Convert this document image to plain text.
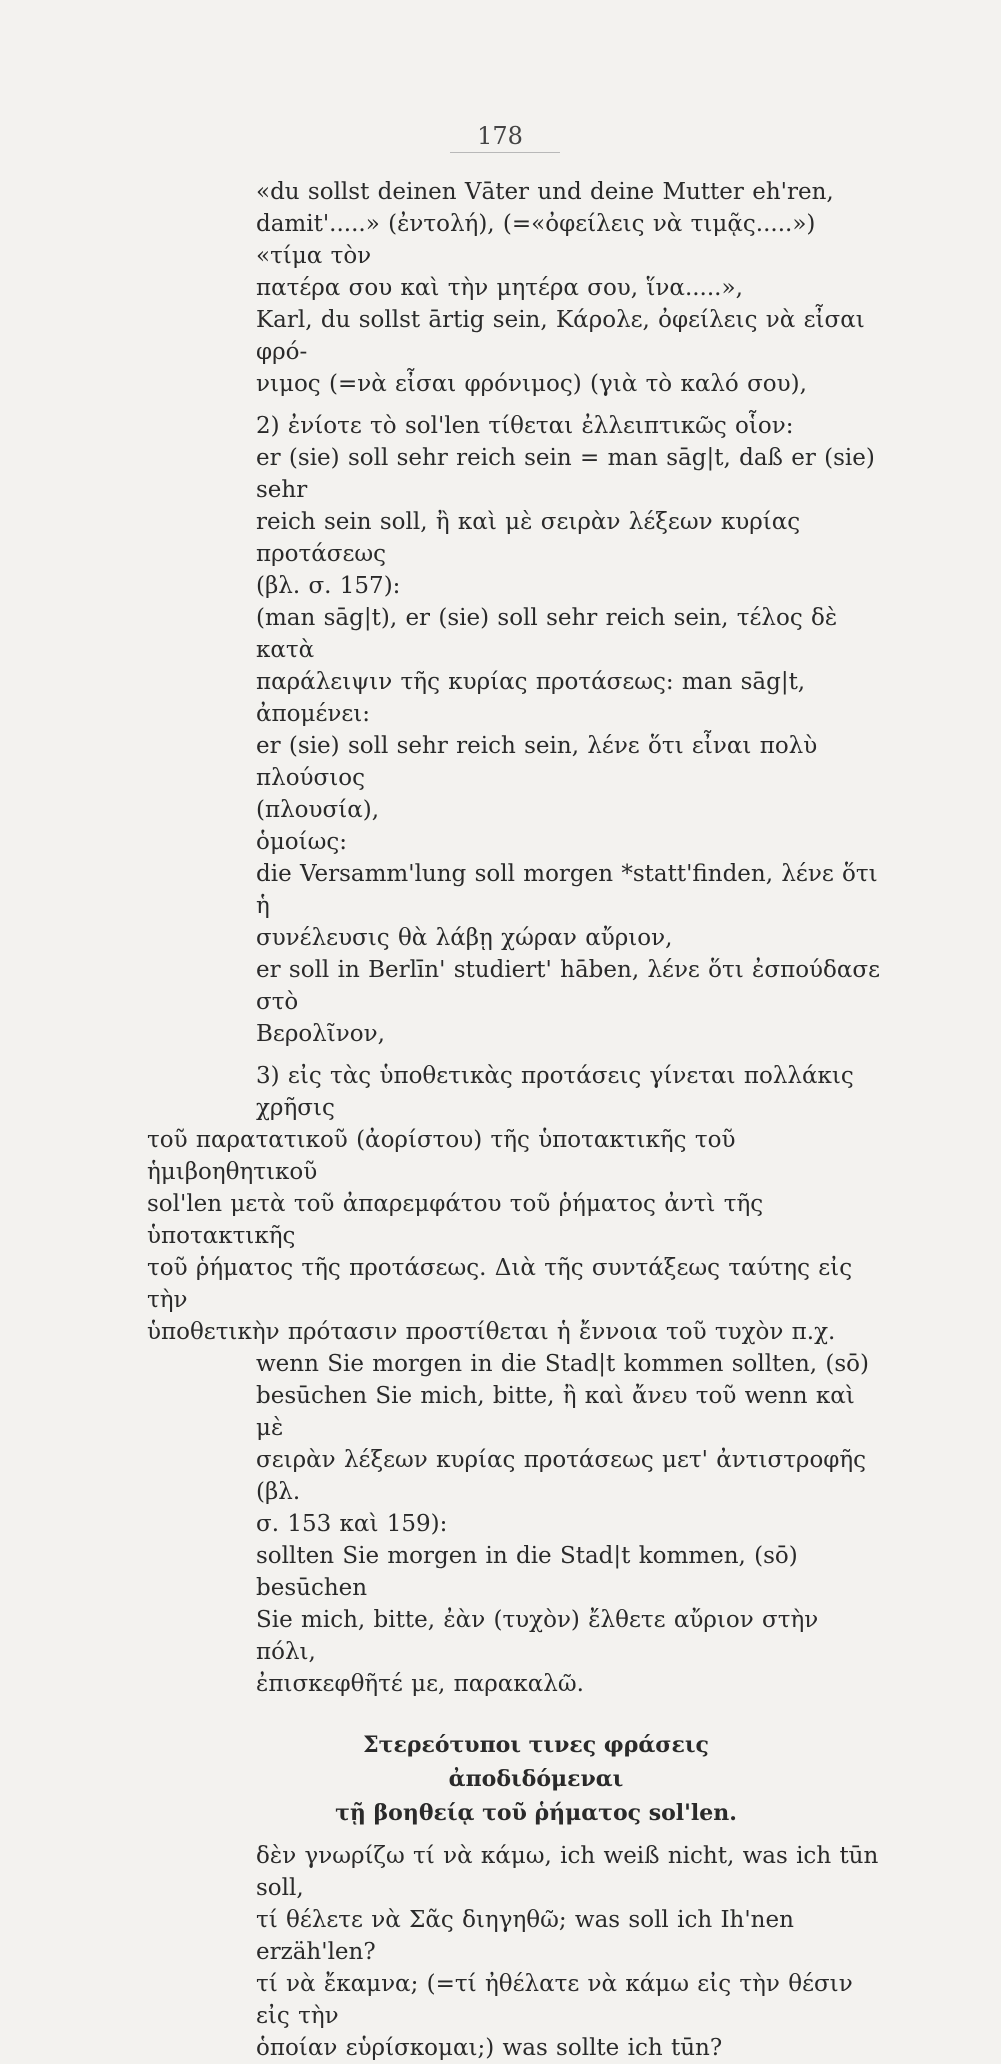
178

«du sollst deinen Vāter und deine Mutter eh'ren,
damit'.....» (ἐντολή), (=«ὀφείλεις νὰ τιμᾷς.....») «τίμα τὸν
πατέρα σου καὶ τὴν μητέρα σου, ἵνα.....»,

Karl, du sollst ārtig sein, Κάρολε, ὀφείλεις νὰ εἶσαι φρό-
νιμος (=νὰ εἶσαι φρόνιμος) (γιὰ τὸ καλό σου),

2) ἐνίοτε τὸ sol'len τίθεται ἐλλειπτικῶς οἷον:

er (sie) soll sehr reich sein = man sāg|t, daß er (sie) sehr
reich sein soll, ἢ καὶ μὲ σειρὰν λέξεων κυρίας προτάσεως
(βλ. σ. 157):

(man sāg|t), er (sie) soll sehr reich sein, τέλος δὲ κατὰ
παράλειψιν τῆς κυρίας προτάσεως: man sāg|t, ἀπομένει:

er (sie) soll sehr reich sein, λένε ὅτι εἶναι πολὺ πλούσιος
(πλουσία),

ὁμοίως:

die Versamm'lung soll morgen *statt'finden, λένε ὅτι ἡ
συνέλευσις θὰ λάβῃ χώραν αὔριον,

er soll in Berlīn' studiert' hāben, λένε ὅτι ἐσπούδασε στὸ
Βερολῖνον,

3) εἰς τὰς ὑποθετικὰς προτάσεις γίνεται πολλάκις χρῆσις

τοῦ παρατατικοῦ (ἀορίστου) τῆς ὑποτακτικῆς τοῦ ἡμιβοηθητικοῦ
sol'len μετὰ τοῦ ἀπαρεμφάτου τοῦ ῥήματος ἀντὶ τῆς ὑποτακτικῆς
τοῦ ῥήματος τῆς προτάσεως. Διὰ τῆς συντάξεως ταύτης εἰς τὴν
ὑποθετικὴν πρότασιν προστίθεται ἡ ἔννοια τοῦ τυχὸν π.χ.

wenn Sie morgen in die Stad|t kommen sollten, (sō)
besūchen Sie mich, bitte, ἢ καὶ ἄνευ τοῦ wenn καὶ μὲ
σειρὰν λέξεων κυρίας προτάσεως μετ' ἀντιστροφῆς (βλ.
σ. 153 καὶ 159):

sollten Sie morgen in die Stad|t kommen, (sō) besūchen
Sie mich, bitte, ἐὰν (τυχὸν) ἔλθετε αὔριον στὴν πόλι,
ἐπισκεφθῆτέ με, παρακαλῶ.

Στερεότυποι τινες φράσεις ἀποδιδόμεναι
τῇ βοηθείᾳ τοῦ ῥήματος sol'len.

δὲν γνωρίζω τί νὰ κάμω, ich weiß nicht, was ich tūn soll,
τί θέλετε νὰ Σᾶς διηγηθῶ; was soll ich Ih'nen erzäh'len?
τί νὰ ἔκαμνα; (=τί ἠθέλατε νὰ κάμω εἰς τὴν θέσιν εἰς τὴν
ὁποίαν εὑρίσκομαι;) was sollte ich tūn?
